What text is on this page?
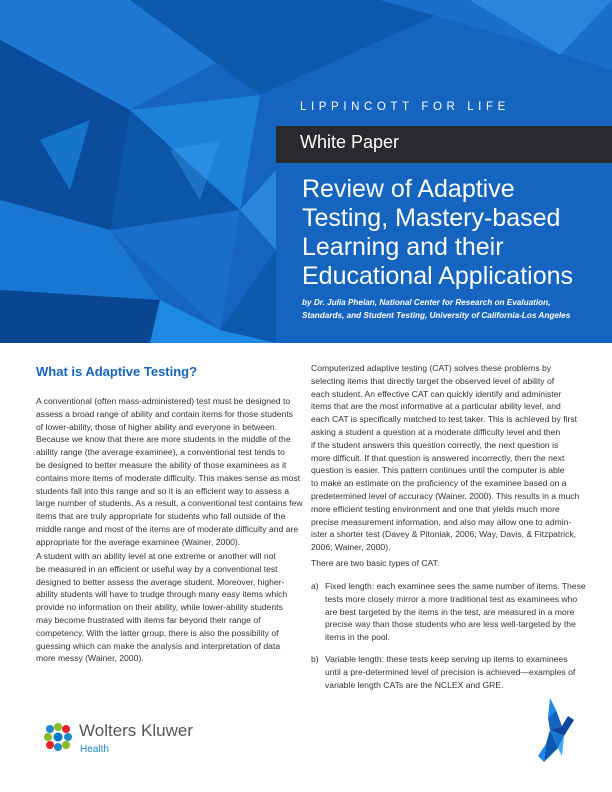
LIPPINCOTT FOR LIFE
White Paper
Review of Adaptive
Testing, Mastery-based
Learning and their
Educational Applications

by Dr. Julia Phelan, National Center for Research on Evaluation,
Standards, and Student Testing, University of California-Los Angeles

What is Adaptive Testing?

A conventional (often mass-administered) test must be designed to
assess a broad range of ability and contain items for those students
of lower-ability, those of higher ability and everyone in between.
Because we know that there are more students in the middle of the
ability range (the average examinee), a conventional test tends to
be designed to better measure the ability of those examinees as it
contains more items of moderate difficulty. This makes sense as most
students fall into this range and so it is an efficient way to assess a
large number of students. As a result, a conventional test contains few
items that are truly appropriate for students who fall outside of the
middle range and most of the items are of moderate difficulty and are
appropriate for the average examinee (Wainer, 2000).

A student with an ability level at one extreme or another will not
be measured in an efficient or useful way by a conventional test
designed to better assess the average student. Moreover, higher-
ability students will have to trudge through many easy items which
provide no information on their ability, while lower-ability students
may become frustrated with items far beyond their range of
competency. With the latter group, there is also the possibility of
guessing which can make the analysis and interpretation of data
more messy (Wainer, 2000).

Computerized adaptive testing (CAT) solves these problems by
selecting items that directly target the observed level of ability of
each student. An effective CAT can quickly identify and administer
items that are the most informative at a particular ability level, and
each CAT is specifically matched to test taker. This is achieved by first
asking a student a question at a moderate difficulty level and then
if the student answers this question correctly, the next question is
more difficult. If that question is answered incorrectly, then the next
question is easier. This pattern continues until the computer is able
to make an estimate on the proficiency of the examinee based on a
predetermined level of accuracy (Wainer, 2000). This results in a much
more efficient testing environment and one that yields much more
precise measurement information, and also may allow one to admin-
ister a shorter test (Davey & Pitoniak, 2006; Way, Davis, & Fitzpatrick,
2006; Wainer, 2000).

There are two basic types of CAT:

a) Fixed length: each examinee sees the same number of items. These
tests more closely mirror a more traditional test as examinees who
are best targeted by the items in the test, are measured in a more
precise way than those students who are less well-targeted by the
items in the pool.

b) Variable length: these tests keep serving up items to examinees
until a pre-determined level of precision is achieved—examples of
variable length CATs are the NCLEX and GRE.

Wolters Kluwer
Health
